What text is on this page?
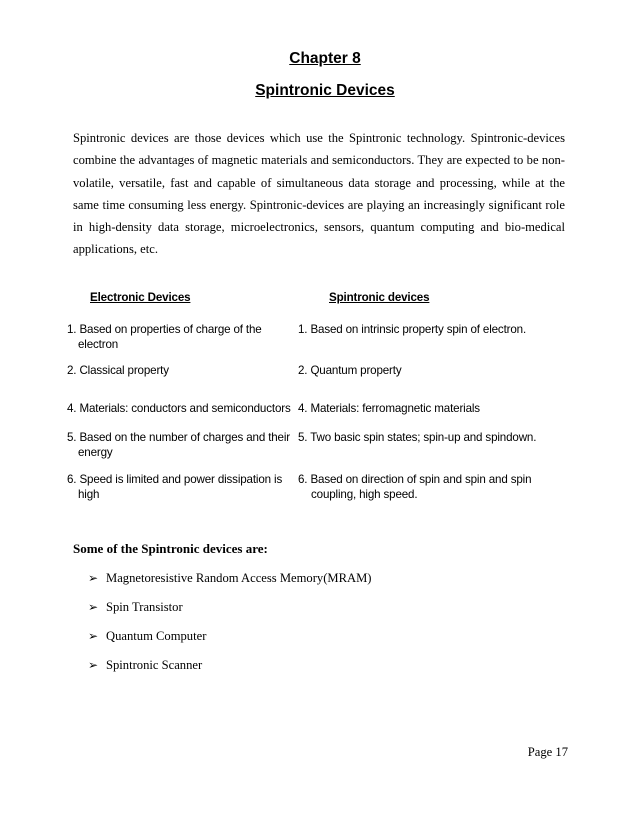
Chapter 8
Spintronic Devices

Spintronic devices are those devices which use the Spintronic technology. Spintronic-devices combine the advantages of magnetic materials and semiconductors. They are expected to be non-volatile, versatile, fast and capable of simultaneous data storage and processing, while at the same time consuming less energy. Spintronic-devices are playing an increasingly significant role in high-density data storage, microelectronics, sensors, quantum computing and bio-medical applications, etc.

Electronic Devices	Spintronic devices
1. Based on properties of charge of the electron
1. Based on intrinsic property spin of electron.
2. Classical property	2. Quantum property
4. Materials: conductors and semiconductors 4. Materials: ferromagnetic materials
5. Based on the number of charges and their energy
5. Two basic spin states; spin-up and spindown.
6. Speed is limited and power dissipation is high
6. Based on direction of spin and spin and spin coupling, high speed.
Some of the Spintronic devices are:
➢ Magnetoresistive Random Access Memory(MRAM)
➢ Spin Transistor
➢ Quantum Computer
➢ Spintronic Scanner
Page 17
